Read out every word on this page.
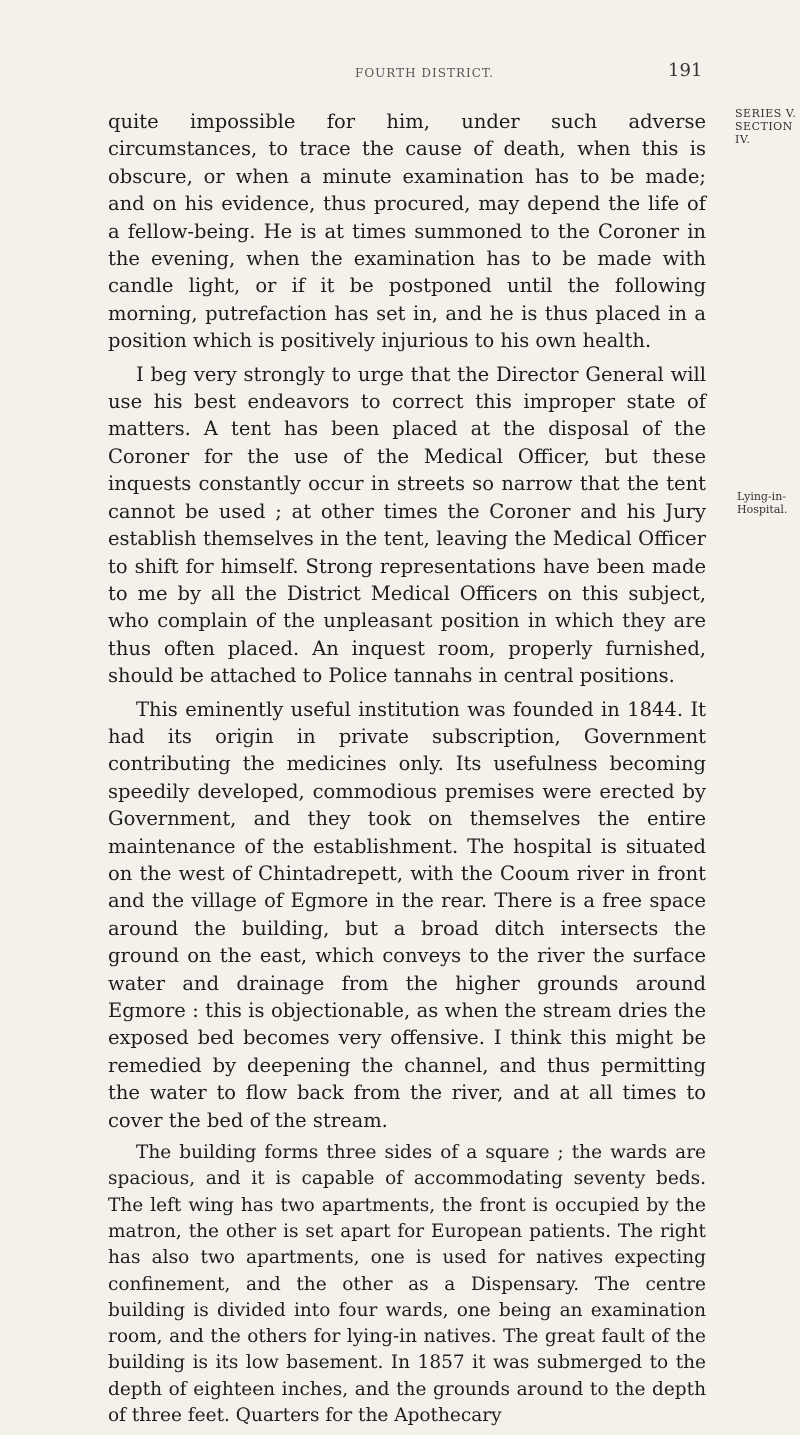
FOURTH DISTRICT.	191
SERIES V.
SECTION IV.
Lying-in-Hospital.

quite impossible for him, under such adverse circumstances, to trace the cause of death, when this is obscure, or when a minute examination has to be made; and on his evidence, thus procured, may depend the life of a fellow-being. He is at times summoned to the Coroner in the evening, when the examination has to be made with candle light, or if it be postponed until the following morning, putrefaction has set in, and he is thus placed in a position which is positively injurious to his own health.

I beg very strongly to urge that the Director General will use his best endeavors to correct this improper state of matters. A tent has been placed at the disposal of the Coroner for the use of the Medical Officer, but these inquests constantly occur in streets so narrow that the tent cannot be used ; at other times the Coroner and his Jury establish themselves in the tent, leaving the Medical Officer to shift for himself. Strong representations have been made to me by all the District Medical Officers on this subject, who complain of the unpleasant position in which they are thus often placed. An inquest room, properly furnished, should be attached to Police tannahs in central positions.

This eminently useful institution was founded in 1844. It had its origin in private subscription, Government contributing the medicines only. Its usefulness becoming speedily developed, commodious premises were erected by Government, and they took on themselves the entire maintenance of the establishment. The hospital is situated on the west of Chintadrepett, with the Cooum river in front and the village of Egmore in the rear. There is a free space around the building, but a broad ditch intersects the ground on the east, which conveys to the river the surface water and drainage from the higher grounds around Egmore : this is objectionable, as when the stream dries the exposed bed becomes very offensive. I think this might be remedied by deepening the channel, and thus permitting the water to flow back from the river, and at all times to cover the bed of the stream.

The building forms three sides of a square ; the wards are spacious, and it is capable of accommodating seventy beds. The left wing has two apartments, the front is occupied by the matron, the other is set apart for European patients. The right has also two apartments, one is used for natives expecting confinement, and the other as a Dispensary. The centre building is divided into four wards, one being an examination room, and the others for lying-in natives. The great fault of the building is its low basement. In 1857 it was submerged to the depth of eighteen inches, and the grounds around to the depth of three feet. Quarters for the Apothecary
